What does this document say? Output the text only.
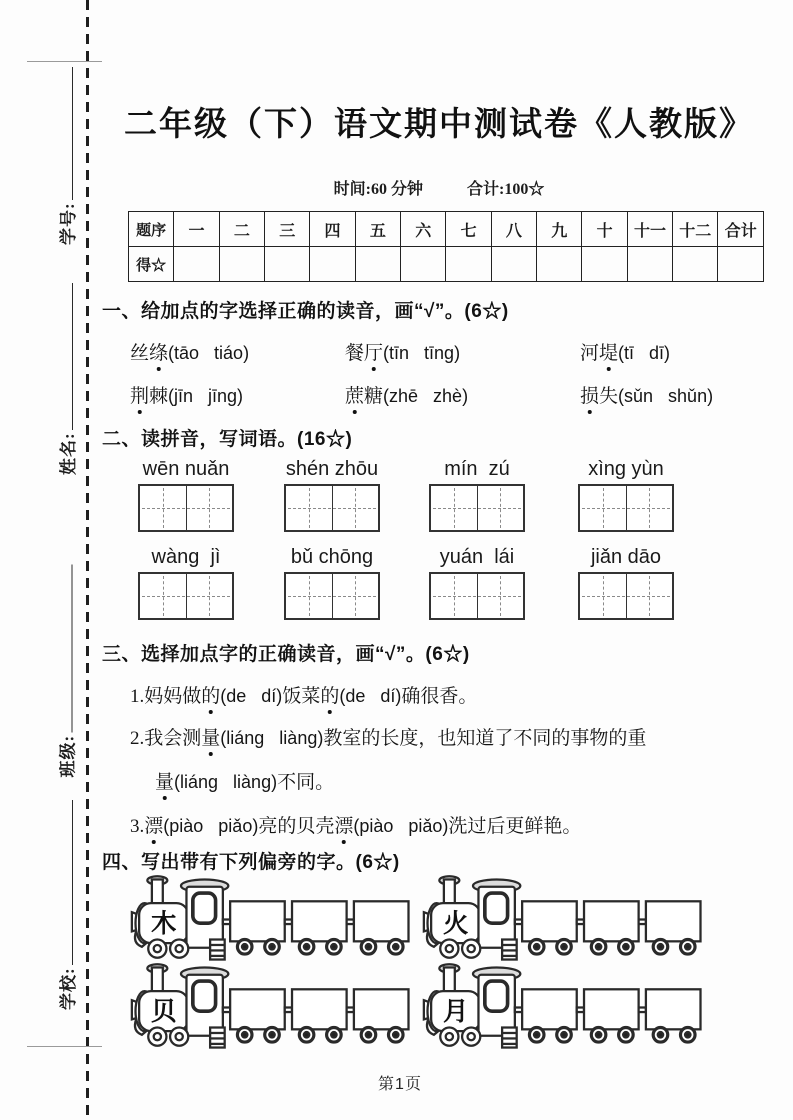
学号:
姓名:
班级:
学校:
二年级（下）语文期中测试卷《人教版》
时间:60 分钟	合计:100☆
题序	一	二	三	四	五	六	七	八	九	十	十一	十二	合计
得☆													
一、给加点的字选择正确的读音，画“√”。(6☆)
丝绦(tāo   tiáo)	餐厅(tīn   tīng)	河堤(tī   dī)
荆棘(jīn   jīng)	蔗糖(zhē   zhè)	损失(sǔn   shǔn)
二、读拼音，写词语。(16☆)
wēn nuǎn	shén zhōu	mín  zú	xìng yùn
wàng  jì	bǔ chōng	yuán  lái	jiǎn dāo
三、选择加点字的正确读音，画“√”。(6☆)
1.妈妈做的(de   dí)饭菜的(de   dí)确很香。
2.我会测量(liáng   liàng)教室的长度，也知道了不同的事物的重
量(liáng   liàng)不同。
3.漂(piào   piǎo)亮的贝壳漂(piào   piǎo)洗过后更鲜艳。
四、写出带有下列偏旁的字。(6☆)
木	火
贝	月
第1页
